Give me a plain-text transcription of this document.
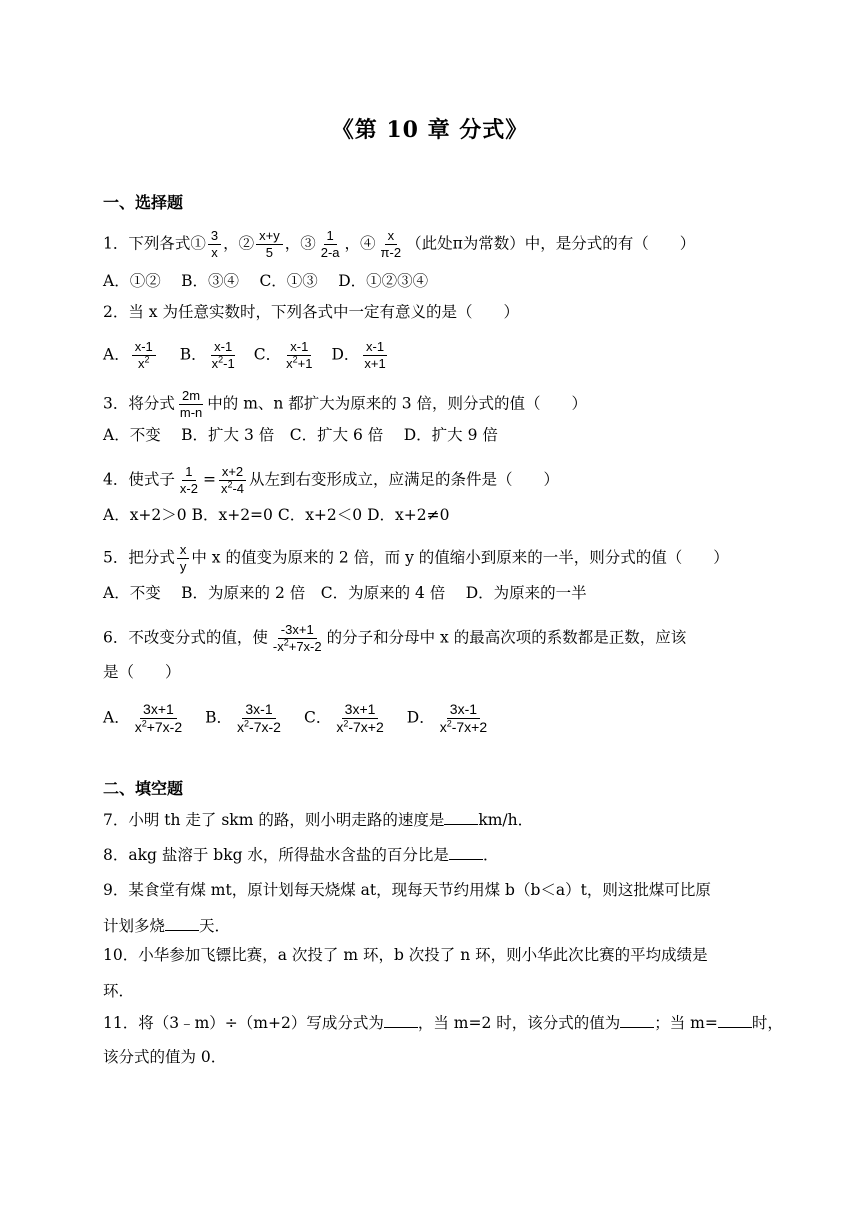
《第 10 章 分式》
一、选择题
1．下列各式① $\frac{3}{x}$ ，② $\frac{x+y}{5}$ ，③ $\frac{1}{2-a}$ ，④ $\frac{x}{\pi-2}$ （此处π为常数）中，是分式的有（　　）
A．①②　 B．③④　 C．①③　 D．①②③④
2．当 x 为任意实数时，下列各式中一定有意义的是（　　）
A． $\frac{x-1}{x^2}$ B． $\frac{x-1}{x^2-1}$ C． $\frac{x-1}{x^2+1}$ D． $\frac{x-1}{x+1}$
3．将分式 $\frac{2m}{m-n}$ 中的 m、n 都扩大为原来的 3 倍，则分式的值（　　）
A．不变　 B．扩大 3 倍　C．扩大 6 倍　 D．扩大 9 倍
4．使式子 $\frac{1}{x-2} = \frac{x+2}{x^2-4}$ 从左到右变形成立，应满足的条件是（　　）
A．x+2＞0 B．x+2=0 C．x+2＜0 D．x+2≠0
5．把分式 $\frac{x}{y}$ 中 x 的值变为原来的 2 倍，而 y 的值缩小到原来的一半，则分式的值（　　）
A．不变　 B．为原来的 2 倍　C．为原来的 4 倍　 D．为原来的一半
6．不改变分式的值，使 $\frac{-3x+1}{-x^2+7x-2}$ 的分子和分母中 x 的最高次项的系数都是正数，应该
是（　　）
A． $\frac{3x+1}{x^2+7x-2}$ B． $\frac{3x-1}{x^2-7x-2}$ C． $\frac{3x+1}{x^2-7x+2}$ D． $\frac{3x-1}{x^2-7x+2}$
二、填空题
7．小明 th 走了 skm 的路，则小明走路的速度是 km/h．
8．akg 盐溶于 bkg 水，所得盐水含盐的百分比是 ．
9．某食堂有煤 mt，原计划每天烧煤 at，现每天节约用煤 b（b＜a）t，则这批煤可比原
计划多烧 天．
10．小华参加飞镖比赛，a 次投了 m 环，b 次投了 n 环，则小华此次比赛的平均成绩是
环．
11．将（3﹣m）÷（m+2）写成分式为 ，当 m=2 时，该分式的值为 ；当 m= 时，
该分式的值为 0．
